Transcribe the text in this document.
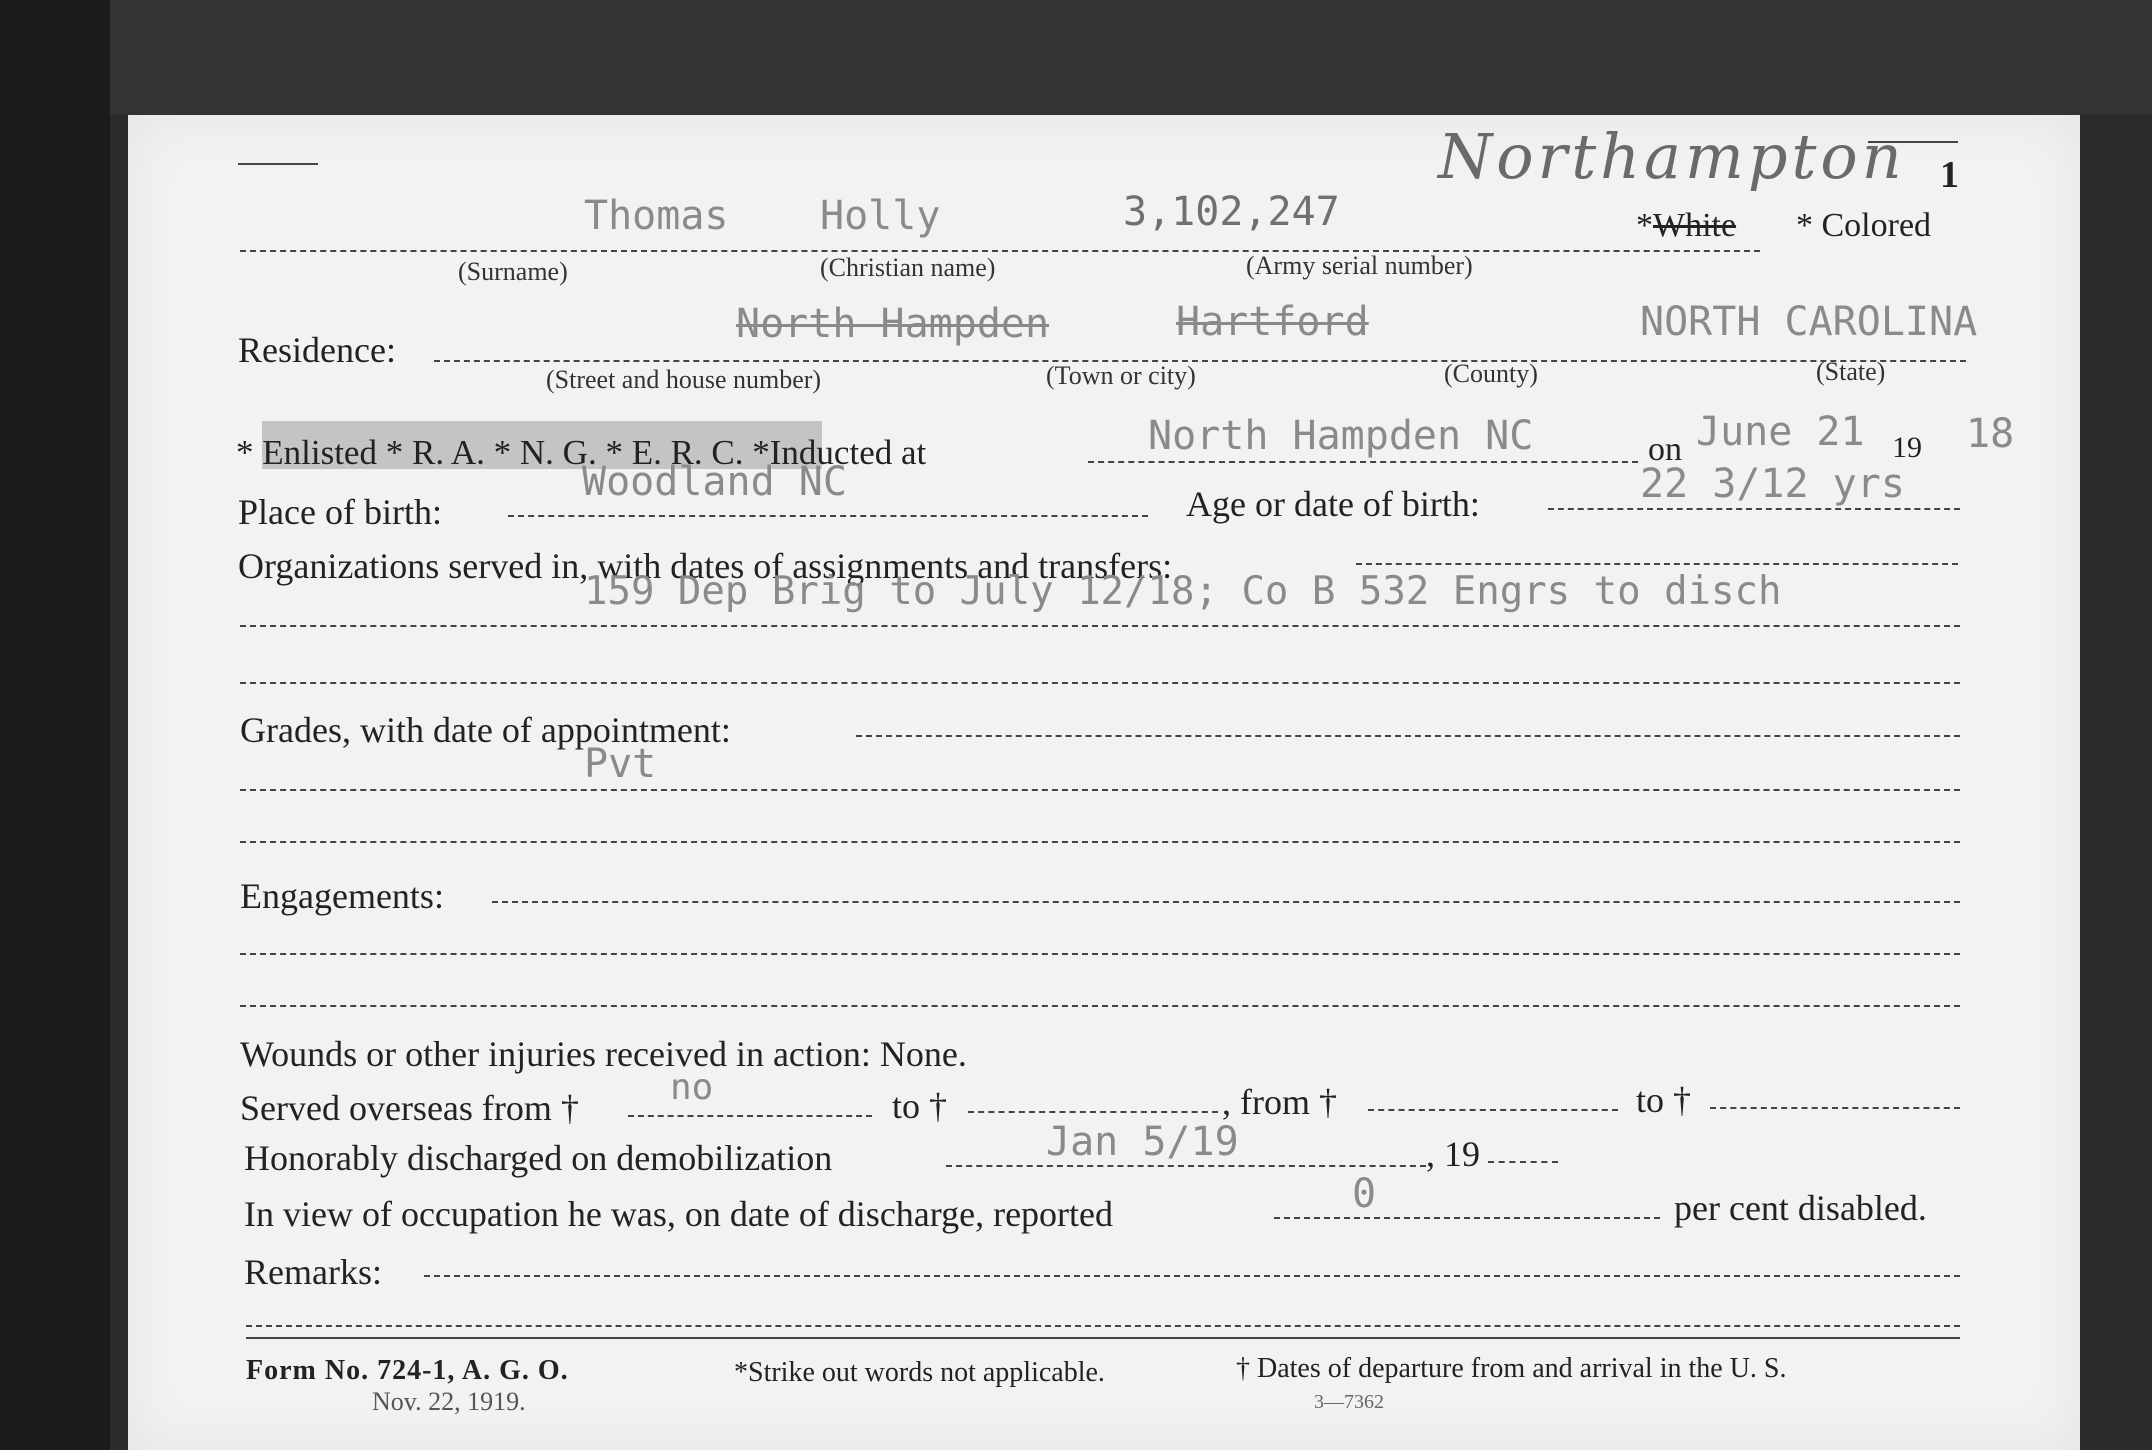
Northampton 1
Thomas Holly	3,102,247	*White * Colored
(Surname)	(Christian name)	(Army serial number)
Residence:
North Hampden	Hartford	NORTH CAROLINA
(Street and house number)	(Town or city)	(County)	(State)
* Enlisted * R. A. * N. G. * E. R. C. *Inducted at	North Hampden NC	on June 21 19 18
Place of birth:
Woodland NC	Age or date of birth:	22 3/12 yrs
Organizations served in, with dates of assignments and transfers:
159 Dep Brig to July 12/18; Co B 532 Engrs to disch
Grades, with date of appointment:
Pvt
Engagements:
Wounds or other injuries received in action: None.
Served overseas from †	no	to †	, from †	to †
Honorably discharged on demobilization	Jan 5/19	, 19
In view of occupation he was, on date of discharge, reported	0	per cent disabled.
Remarks:
Form No. 724-1, A. G. O.
Nov. 22, 1919.
*Strike out words not applicable.	† Dates of departure from and arrival in the U. S.
3—7362
